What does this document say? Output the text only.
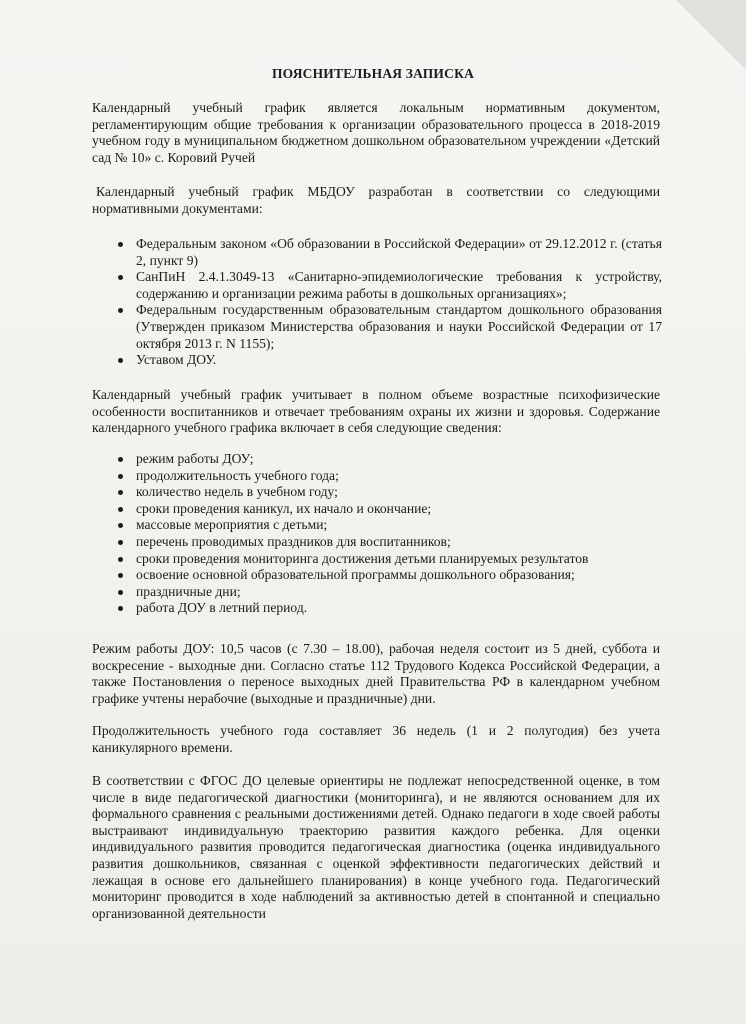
ПОЯСНИТЕЛЬНАЯ ЗАПИСКА

Календарный учебный график является локальным нормативным документом, регламентирующим общие требования к организации образовательного процесса в 2018-2019 учебном году в муниципальном бюджетном дошкольном образовательном учреждении «Детский сад № 10» с. Коровий Ручей

Календарный учебный график МБДОУ разработан в соответствии со следующими нормативными документами:

Федеральным законом «Об образовании в Российской Федерации» от 29.12.2012 г. (статья 2, пункт 9)
СанПиН 2.4.1.3049-13 «Санитарно-эпидемиологические требования к устройству, содержанию и организации режима работы в дошкольных организациях»;
Федеральным государственным образовательным стандартом дошкольного образования (Утвержден приказом Министерства образования и науки Российской Федерации от 17 октября 2013 г. N 1155);
Уставом ДОУ.

Календарный учебный график учитывает в полном объеме возрастные психофизические особенности воспитанников и отвечает требованиям охраны их жизни и здоровья. Содержание календарного учебного графика включает в себя следующие сведения:

режим работы ДОУ;
продолжительность учебного года;
количество недель в учебном году;
сроки проведения каникул, их начало и окончание;
массовые мероприятия с детьми;
перечень проводимых праздников для воспитанников;
сроки проведения мониторинга достижения детьми планируемых результатов
освоение основной образовательной программы дошкольного образования;
праздничные дни;
работа ДОУ в летний период.

Режим работы ДОУ: 10,5 часов (с 7.30 – 18.00), рабочая неделя состоит из 5 дней, суббота и воскресение - выходные дни. Согласно статье 112 Трудового Кодекса Российской Федерации, а также Постановления о переносе выходных дней Правительства РФ в календарном учебном графике учтены нерабочие (выходные и праздничные) дни.

Продолжительность учебного года составляет 36 недель (1 и 2 полугодия) без учета каникулярного времени.

В соответствии с ФГОС ДО целевые ориентиры не подлежат непосредственной оценке, в том числе в виде педагогической диагностики (мониторинга), и не являются основанием для их формального сравнения с реальными достижениями детей. Однако педагоги в ходе своей работы выстраивают индивидуальную траекторию развития каждого ребенка. Для оценки индивидуального развития проводится педагогическая диагностика (оценка индивидуального развития дошкольников, связанная с оценкой эффективности педагогических действий и лежащая в основе его дальнейшего планирования) в конце учебного года. Педагогический мониторинг проводится в ходе наблюдений за активностью детей в спонтанной и специально организованной деятельности
